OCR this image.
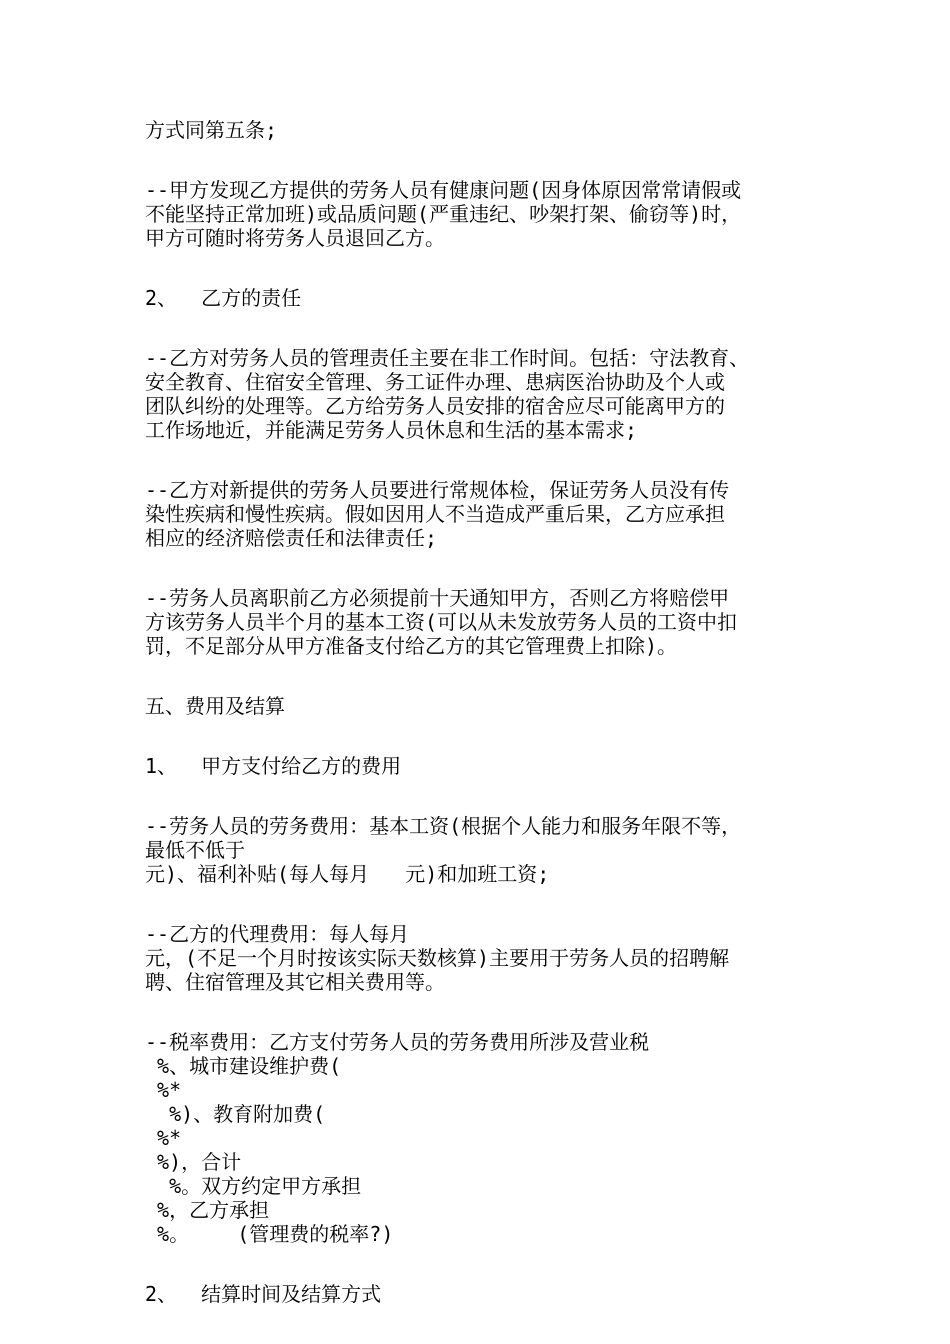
方式同第五条;
--甲方发现乙方提供的劳务人员有健康问题(因身体原因常常请假或
不能坚持正常加班)或品质问题(严重违纪、吵架打架、偷窃等)时，
甲方可随时将劳务人员退回乙方。
2、  乙方的责任
--乙方对劳务人员的管理责任主要在非工作时间。包括：守法教育、
安全教育、住宿安全管理、务工证件办理、患病医治协助及个人或
团队纠纷的处理等。乙方给劳务人员安排的宿舍应尽可能离甲方的
工作场地近，并能满足劳务人员休息和生活的基本需求;
--乙方对新提供的劳务人员要进行常规体检，保证劳务人员没有传
染性疾病和慢性疾病。假如因用人不当造成严重后果，乙方应承担
相应的经济赔偿责任和法律责任;
--劳务人员离职前乙方必须提前十天通知甲方，否则乙方将赔偿甲
方该劳务人员半个月的基本工资(可以从未发放劳务人员的工资中扣
罚，不足部分从甲方准备支付给乙方的其它管理费上扣除)。
五、费用及结算
1、  甲方支付给乙方的费用
--劳务人员的劳务费用：基本工资(根据个人能力和服务年限不等，
最低不低于
元)、福利补贴(每人每月   元)和加班工资;
--乙方的代理费用：每人每月
元，(不足一个月时按该实际天数核算)主要用于劳务人员的招聘解
聘、住宿管理及其它相关费用等。
--税率费用：乙方支付劳务人员的劳务费用所涉及营业税
%、城市建设维护费(
%*
%)、教育附加费(
%*
%)，合计
%。双方约定甲方承担
%，乙方承担
%。    (管理费的税率?)
2、  结算时间及结算方式
